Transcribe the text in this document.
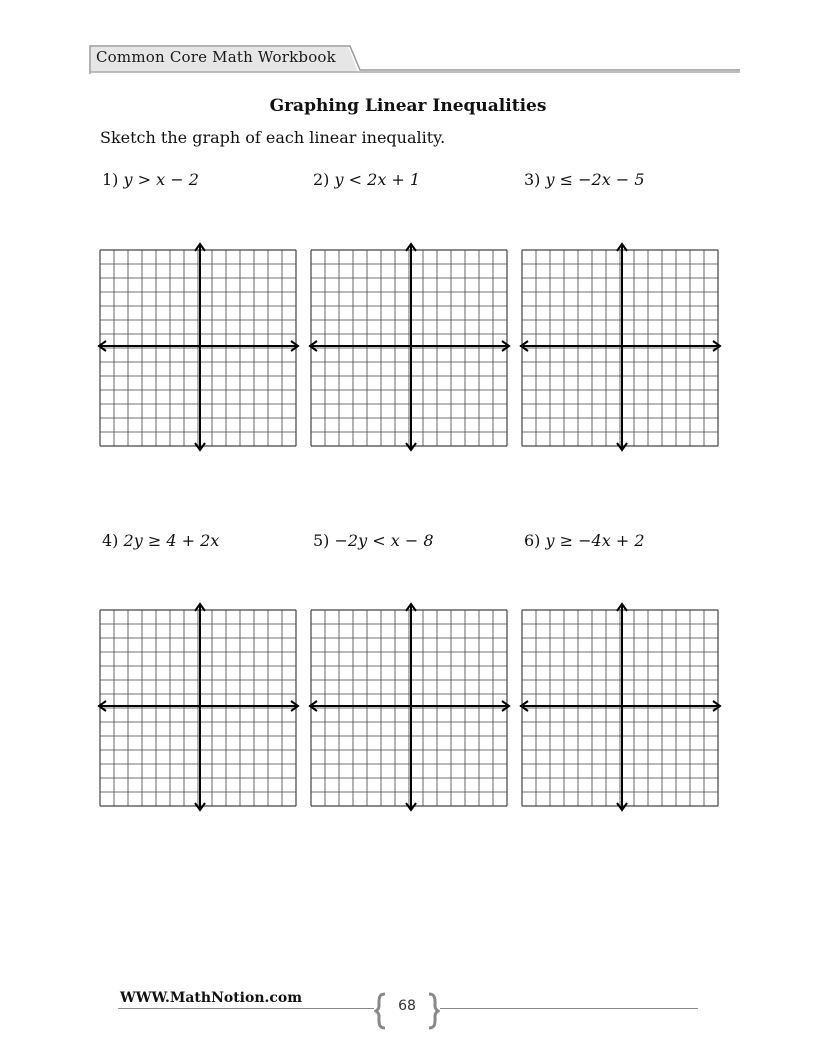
Common Core Math Workbook
Graphing Linear Inequalities
Sketch the graph of each linear inequality.
1) y > x − 2	2) y < 2x + 1	3) y ≤ −2x − 5
4) 2y ≥ 4 + 2x	5) −2y < x − 8	6) y ≥ −4x + 2
WWW.MathNotion.com	68
